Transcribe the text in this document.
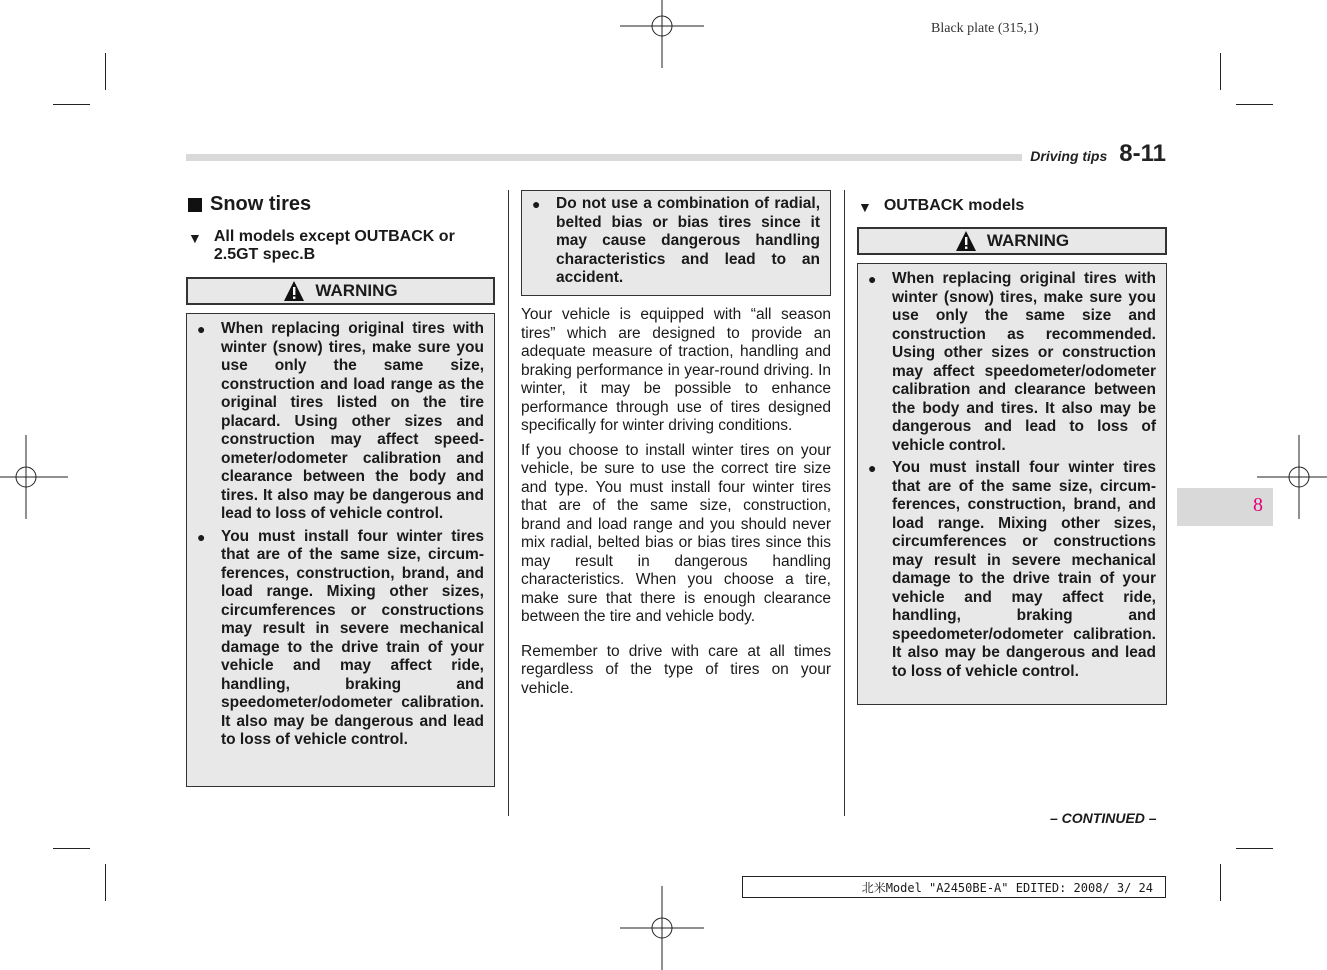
Black plate (315,1)
Driving tips 8-11
Snow tires
▼ All models except OUTBACK or 2.5GT spec.B
WARNING
● When replacing original tires with winter (snow) tires, make sure you use only the same size, construction and load range as the original tires listed on the tire placard. Using other sizes and construction may affect speedometer/odometer calibration and clearance between the body and tires. It also may be dangerous and lead to loss of vehicle control.
● You must install four winter tires that are of the same size, circumferences, construction, brand, and load range. Mixing other sizes, circumferences or constructions may result in severe mechanical damage to the drive train of your vehicle and may affect ride, handling, braking and speedometer/odometer calibration. It also may be dangerous and lead to loss of vehicle control.
● Do not use a combination of radial, belted bias or bias tires since it may cause dangerous handling characteristics and lead to an accident.

Your vehicle is equipped with “all season tires” which are designed to provide an adequate measure of traction, handling and braking performance in year-round driving. In winter, it may be possible to enhance performance through use of tires designed specifically for winter driving conditions.

If you choose to install winter tires on your vehicle, be sure to use the correct tire size and type. You must install four winter tires that are of the same size, construction, brand and load range and you should never mix radial, belted bias or bias tires since this may result in dangerous handling characteristics. When you choose a tire, make sure that there is enough clearance between the tire and vehicle body.

Remember to drive with care at all times regardless of the type of tires on your vehicle.

▼ OUTBACK models
WARNING
● When replacing original tires with winter (snow) tires, make sure you use only the same size and construction as recommended. Using other sizes or construction may affect speedometer/odometer calibration and clearance between the body and tires. It also may be dangerous and lead to loss of vehicle control.
● You must install four winter tires that are of the same size, circumferences, construction, brand, and load range. Mixing other sizes, circumferences or constructions may result in severe mechanical damage to the drive train of your vehicle and may affect ride, handling, braking and speedometer/odometer calibration. It also may be dangerous and lead to loss of vehicle control.
– CONTINUED –
8
北米Model "A2450BE-A" EDITED: 2008/ 3/ 24
